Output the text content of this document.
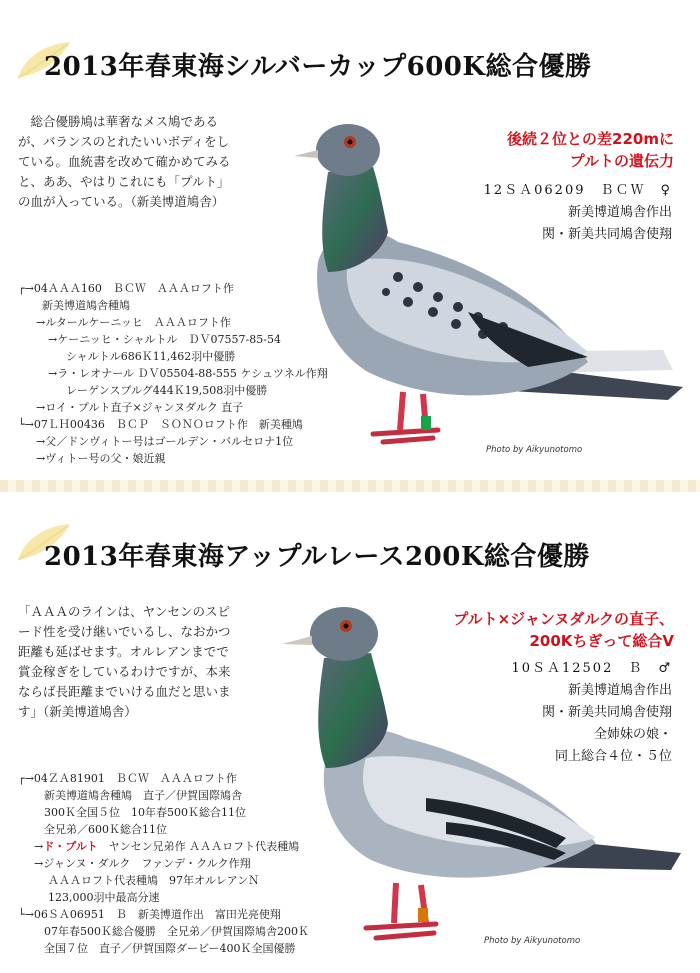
2013年春東海シルバーカップ600K総合優勝
総合優勝鳩は華奢なメス鳩である
が、バランスのとれたいいボディをし
ている。血統書を改めて確かめてみる
と、ああ、やはりこれにも「プルト」
の血が入っている。（新美博道鳩舎）
後続２位との差220mに
プルトの遺伝力
12ＳＡ06209　ＢＣＷ　♀
新美博道鳩舎作出
関・新美共同鳩舎使翔
┌→04ＡＡＡ160　ＢＣＷ　ＡＡＡロフト作
新美博道鳩舎種鳩
→ルタールケーニッヒ　ＡＡＡロフト作
→ケーニッヒ・シャルトル　ＤＶ07557-85-54
シャルトル686Ｋ11,462羽中優勝
→ラ・レオナール ＤＶ05504-88-555 ケシュツネル作翔
レーゲンスブルグ444Ｋ19,508羽中優勝
→ロイ・プルト直子×ジャンヌダルク 直子
└→07ＬＨ00436　ＢＣＰ　ＳＯＮＯロフト作　新美種鳩
→父／ドンヴィトー号はゴールデン・バルセロナ1位
→ヴィトー号の父・娘近親
Photo by Aikyunotomo
2013年春東海アップルレース200K総合優勝
「ＡＡＡのラインは、ヤンセンのスピ
ード性を受け継いでいるし、なおかつ
距離も延ばせます。オルレアンまでで
賞金稼ぎをしているわけですが、本来
ならば長距離までいける血だと思いま
す」（新美博道鳩舎）
プルト×ジャンヌダルクの直子、
200Kちぎって総合V
10ＳＡ12502　Ｂ　♂
新美博道鳩舎作出
関・新美共同鳩舎使翔
全姉妹の娘・
同上総合４位・５位
┌→04ＺＡ81901　ＢＣＷ　ＡＡＡロフト作
新美博道鳩舎種鳩　直子／伊賀国際鳩舎
300Ｋ全国５位　10年春500Ｋ総合11位
全兄弟／600Ｋ総合11位
→ド・プルト　 ヤンセン兄弟作 ＡＡＡロフト代表種鳩
→ジャンヌ・ダルク　ファンデ・クルク作翔
ＡＡＡロフト代表種鳩　97年オルレアンＮ
123,000羽中最高分速
└→06ＳＡ06951　Ｂ　新美博道作出　富田光亮使翔
07年春500Ｋ総合優勝　全兄弟／伊賀国際鳩舎200Ｋ
全国７位　直子／伊賀国際ダービー400Ｋ全国優勝
Photo by Aikyunotomo
